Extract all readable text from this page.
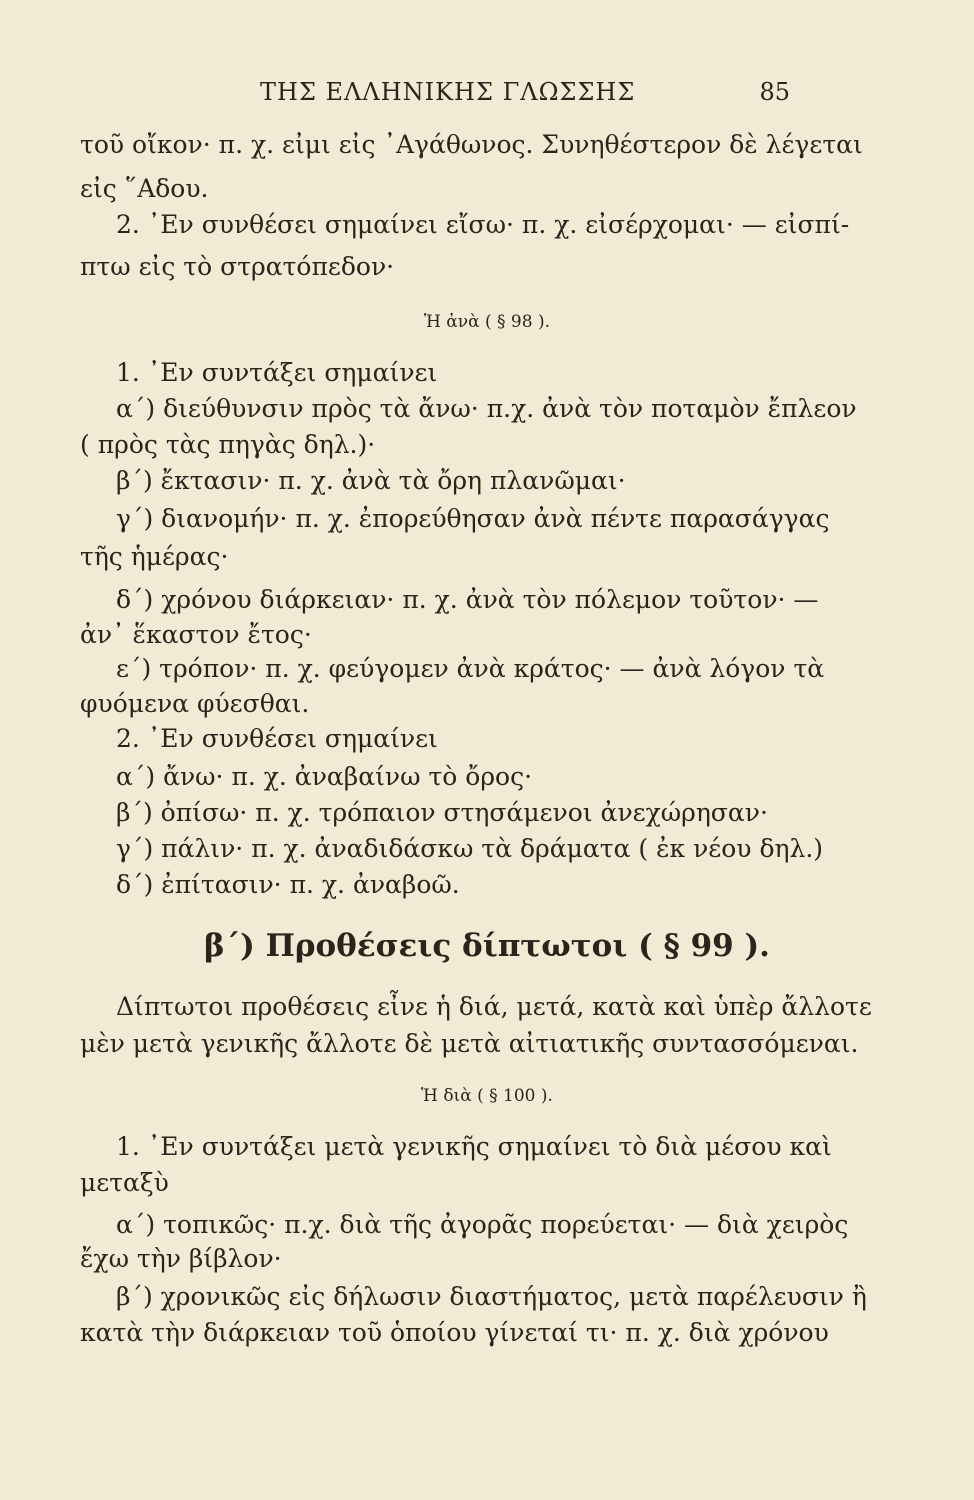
ΤΗΣ ΕΛΛΗΝΙΚΗΣ ΓΛΩΣΣΗΣ	85
τοῦ οἴκον· π. χ. εἰμι εἰς ᾿Αγάθωνος. Συνηθέστερον δὲ λέγεται
εἰς ῞Αδου.
2. ᾿Εν συνθέσει σημαίνει εἴσω· π. χ. εἰσέρχομαι· — εἰσπί-
πτω εἰς τὸ στρατόπεδον·
Ἡ ἀνὰ ( § 98 ).
1. ᾿Εν συντάξει σημαίνει
α΄) διεύθυνσιν πρὸς τὰ ἄνω· π.χ. ἀνὰ τὸν ποταμὸν ἔπλεον
( πρὸς τὰς πηγὰς δηλ.)·
β΄) ἔκτασιν· π. χ. ἀνὰ τὰ ὄρη πλανῶμαι·
γ΄) διανομήν· π. χ. ἐπορεύθησαν ἀνὰ πέντε παρασάγγας
τῆς ἡμέρας·
δ΄) χρόνου διάρκειαν· π. χ. ἀνὰ τὸν πόλεμον τοῦτον· —
ἀν᾿ ἕκαστον ἔτος·
ε΄) τρόπον· π. χ. φεύγομεν ἀνὰ κράτος· — ἀνὰ λόγον τὰ
φυόμενα φύεσθαι.
2. ᾿Εν συνθέσει σημαίνει
α΄) ἄνω· π. χ. ἀναβαίνω τὸ ὄρος·
β΄) ὀπίσω· π. χ. τρόπαιον στησάμενοι ἀνεχώρησαν·
γ΄) πάλιν· π. χ. ἀναδιδάσκω τὰ δράματα ( ἐκ νέου δηλ.)
δ΄) ἐπίτασιν· π. χ. ἀναβοῶ.
β΄) Προθέσεις δίπτωτοι ( § 99 ).
Δίπτωτοι προθέσεις εἶνε ἡ διά, μετά, κατὰ καὶ ὑπὲρ ἄλλοτε
μὲν μετὰ γενικῆς ἄλλοτε δὲ μετὰ αἰτιατικῆς συντασσόμεναι.
Ἡ διὰ ( § 100 ).
1. ᾿Εν συντάξει μετὰ γενικῆς σημαίνει τὸ διὰ μέσου καὶ
μεταξὺ
α΄) τοπικῶς· π.χ. διὰ τῆς ἀγορᾶς πορεύεται· — διὰ χειρὸς
ἔχω τὴν βίβλον·
β΄) χρονικῶς εἰς δήλωσιν διαστήματος, μετὰ παρέλευσιν ἢ
κατὰ τὴν διάρκειαν τοῦ ὁποίου γίνεταί τι· π. χ. διὰ χρόνου
